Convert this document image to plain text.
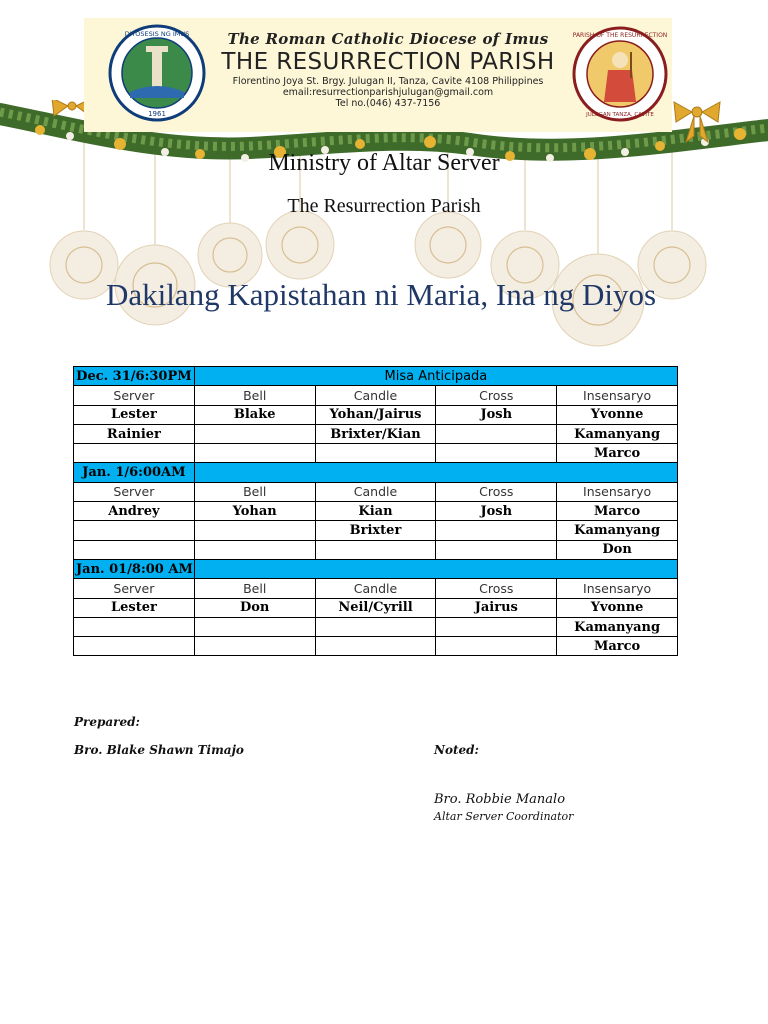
DIYOSESIS NG IMUS
1961
The Roman Catholic Diocese of Imus
THE RESURRECTION PARISH
Florentino Joya St. Brgy. Julugan II, Tanza, Cavite 4108 Philippines
email:resurrectionparishjulugan@gmail.com
Tel no.(046) 437-7156
PARISH OF THE RESURRECTION
JULUGAN TANZA, CAVITE
Ministry of Altar Server
The Resurrection Parish
Dakilang Kapistahan ni Maria, Ina ng Diyos
Dec. 31/6:30PM	Misa Anticipada			
Server	Bell	Candle	Cross	Insensaryo
Lester	Blake	Yohan/Jairus	Josh	Yvonne
Rainier		Brixter/Kian		Kamanyang
				Marco
Jan. 1/6:00AM				
Server	Bell	Candle	Cross	Insensaryo
Andrey	Yohan	Kian	Josh	Marco
		Brixter		Kamanyang
				Don
Jan. 01/8:00 AM				
Server	Bell	Candle	Cross	Insensaryo
Lester	Don	Neil/Cyrill	Jairus	Yvonne
				Kamanyang
				Marco
Prepared:
Bro. Blake Shawn Timajo	Noted:
Bro. Robbie Manalo
Altar Server Coordinator
